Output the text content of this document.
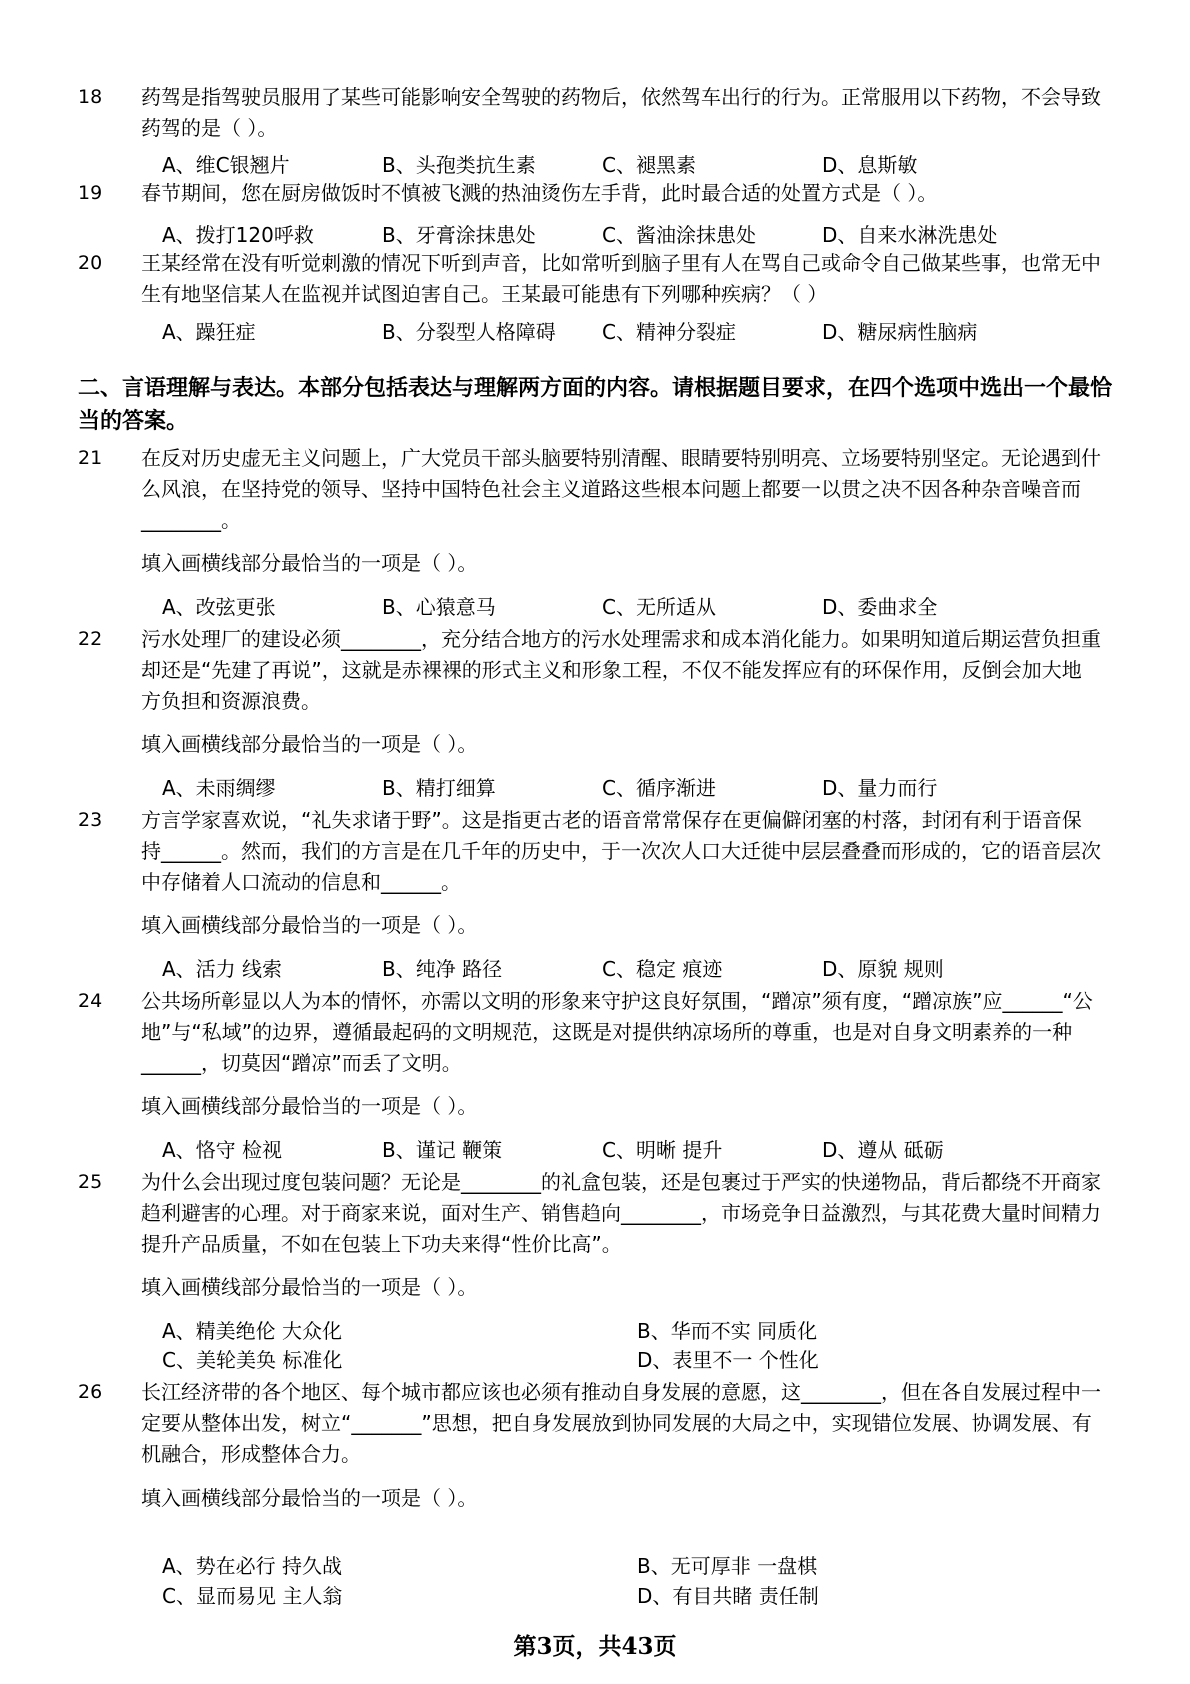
18 药驾是指驾驶员服用了某些可能影响安全驾驶的药物后，依然驾车出行的行为。正常服用以下药物，不会导致药驾的是（ ）。
A、维C银翘片	B、头孢类抗生素	C、褪黑素	D、息斯敏
19 春节期间，您在厨房做饭时不慎被飞溅的热油烫伤左手背，此时最合适的处置方式是（ ）。
A、拨打120呼救	B、牙膏涂抹患处	C、酱油涂抹患处	D、自来水淋洗患处
20 王某经常在没有听觉刺激的情况下听到声音，比如常听到脑子里有人在骂自己或命令自己做某些事，也常无中生有地坚信某人在监视并试图迫害自己。王某最可能患有下列哪种疾病？（ ）
A、躁狂症	B、分裂型人格障碍 C、精神分裂症	D、糖尿病性脑病
二、言语理解与表达。本部分包括表达与理解两方面的内容。请根据题目要求，在四个选项中选出一个最恰当的答案。
21 在反对历史虚无主义问题上，广大党员干部头脑要特别清醒、眼睛要特别明亮、立场要特别坚定。无论遇到什么风浪，在坚持党的领导、坚持中国特色社会主义道路这些根本问题上都要一以贯之决不因各种杂音噪音而________。
填入画横线部分最恰当的一项是（ ）。
A、改弦更张	B、心猿意马	C、无所适从	D、委曲求全
22 污水处理厂的建设必须________，充分结合地方的污水处理需求和成本消化能力。如果明知道后期运营负担重却还是“先建了再说”，这就是赤裸裸的形式主义和形象工程，不仅不能发挥应有的环保作用，反倒会加大地方负担和资源浪费。
填入画横线部分最恰当的一项是（ ）。
A、未雨绸缪	B、精打细算	C、循序渐进	D、量力而行
23 方言学家喜欢说，“礼失求诸于野”。这是指更古老的语音常常保存在更偏僻闭塞的村落，封闭有利于语音保持______。然而，我们的方言是在几千年的历史中，于一次次人口大迁徙中层层叠叠而形成的，它的语音层次中存储着人口流动的信息和______。
填入画横线部分最恰当的一项是（ ）。
A、活力 线索	B、纯净 路径	C、稳定 痕迹	D、原貌 规则
24 公共场所彰显以人为本的情怀，亦需以文明的形象来守护这良好氛围，“蹭凉”须有度，“蹭凉族”应______“公地”与“私域”的边界，遵循最起码的文明规范，这既是对提供纳凉场所的尊重，也是对自身文明素养的一种______，切莫因“蹭凉”而丢了文明。
填入画横线部分最恰当的一项是（ ）。
A、恪守 检视	B、谨记 鞭策	C、明晰 提升	D、遵从 砥砺
25 为什么会出现过度包装问题？无论是________的礼盒包装，还是包裹过于严实的快递物品，背后都绕不开商家趋利避害的心理。对于商家来说，面对生产、销售趋向________，市场竞争日益激烈，与其花费大量时间精力提升产品质量，不如在包装上下功夫来得“性价比高”。
填入画横线部分最恰当的一项是（ ）。
A、精美绝伦 大众化	B、华而不实 同质化
C、美轮美奂 标准化	D、表里不一 个性化
26 长江经济带的各个地区、每个城市都应该也必须有推动自身发展的意愿，这________，但在各自发展过程中一定要从整体出发，树立“_______”思想，把自身发展放到协同发展的大局之中，实现错位发展、协调发展、有机融合，形成整体合力。
填入画横线部分最恰当的一项是（ ）。
A、势在必行 持久战	B、无可厚非 一盘棋
C、显而易见 主人翁	D、有目共睹 责任制
第3页，共43页
